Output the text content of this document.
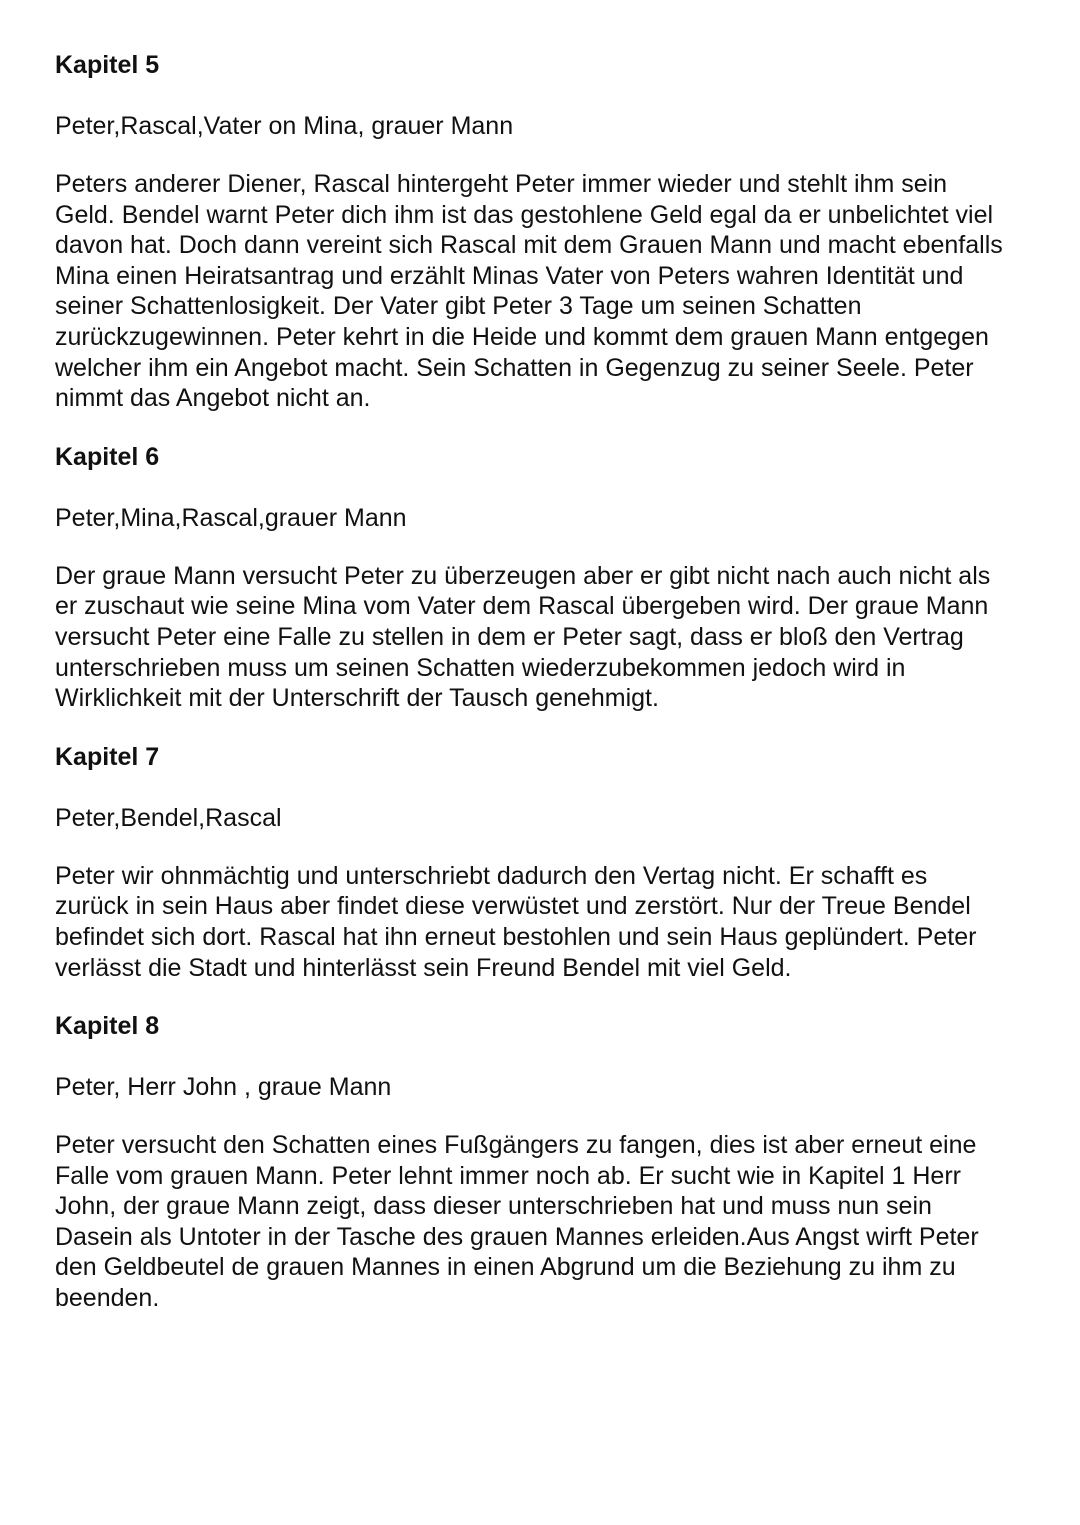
Kapitel 5

Peter,Rascal,Vater on Mina, grauer Mann

Peters anderer Diener, Rascal hintergeht Peter immer wieder und stehlt ihm sein Geld. Bendel warnt Peter dich ihm ist das gestohlene Geld egal da er unbelichtet viel davon hat. Doch dann vereint sich Rascal mit dem Grauen Mann und macht ebenfalls Mina einen Heiratsantrag und erzählt Minas Vater von Peters wahren Identität und seiner Schattenlosigkeit. Der Vater gibt Peter 3 Tage um seinen Schatten zurückzugewinnen. Peter kehrt in die Heide und kommt dem grauen Mann entgegen welcher ihm ein Angebot macht. Sein Schatten in Gegenzug zu seiner Seele. Peter nimmt das Angebot nicht an.

Kapitel 6

Peter,Mina,Rascal,grauer Mann

Der graue Mann versucht Peter zu überzeugen aber er gibt nicht nach auch nicht als er zuschaut wie seine Mina vom Vater dem Rascal übergeben wird. Der graue Mann versucht Peter eine Falle zu stellen in dem er Peter sagt, dass er bloß den Vertrag unterschrieben muss um seinen Schatten wiederzubekommen jedoch wird in Wirklichkeit mit der Unterschrift der Tausch genehmigt.

Kapitel 7

Peter,Bendel,Rascal

Peter wir ohnmächtig und unterschriebt dadurch den Vertag nicht. Er schafft es zurück in sein Haus aber findet diese verwüstet und zerstört. Nur der Treue Bendel befindet sich dort. Rascal hat ihn erneut bestohlen und sein Haus geplündert. Peter verlässt die Stadt und hinterlässt sein Freund Bendel mit viel Geld.

Kapitel 8

Peter, Herr John , graue Mann

Peter versucht den Schatten eines Fußgängers zu fangen, dies ist aber erneut eine Falle vom grauen Mann. Peter lehnt immer noch ab. Er sucht wie in Kapitel 1 Herr John, der graue Mann zeigt, dass dieser unterschrieben hat und muss nun sein Dasein als Untoter in der Tasche des grauen Mannes erleiden.Aus Angst wirft Peter den Geldbeutel de grauen Mannes in einen Abgrund um die Beziehung zu ihm zu beenden.
